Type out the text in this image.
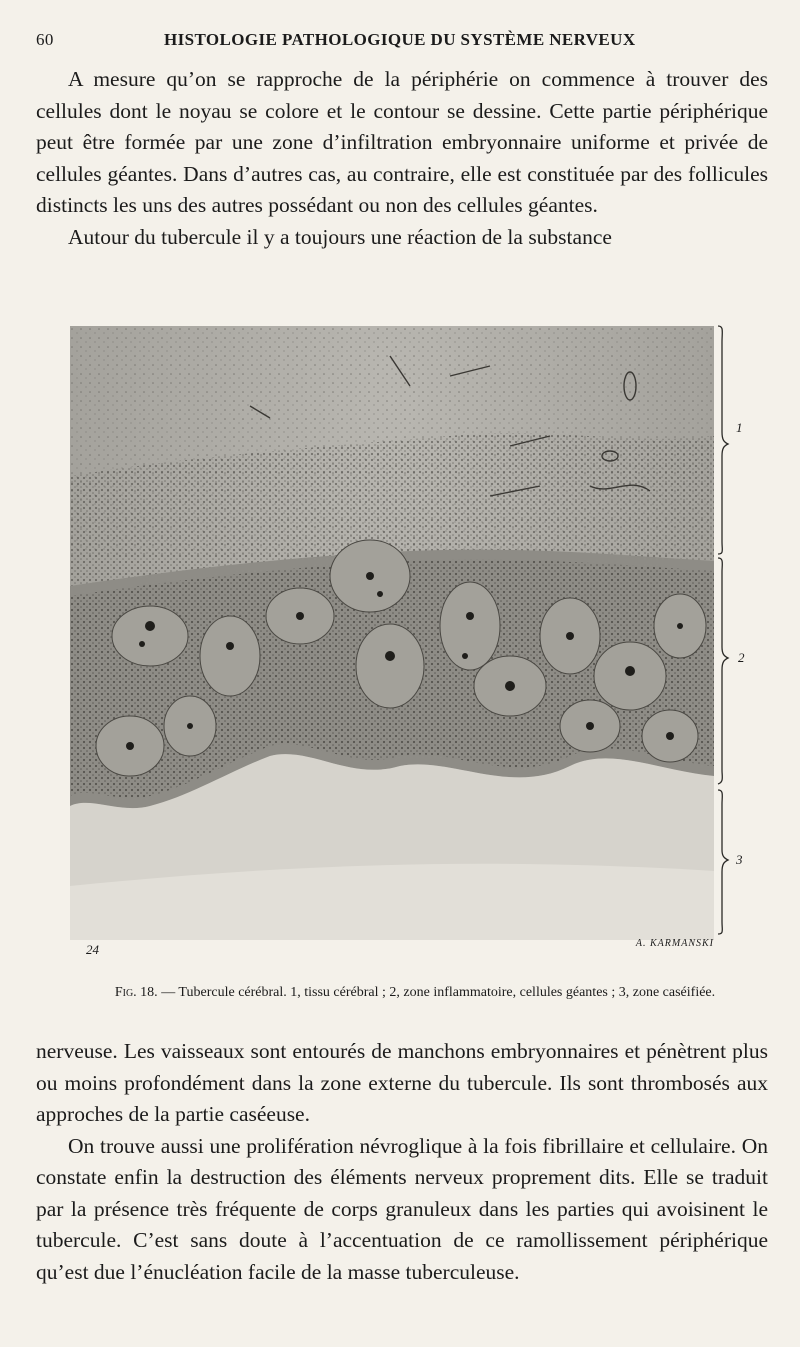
60	HISTOLOGIE PATHOLOGIQUE DU SYSTÈME NERVEUX

A mesure qu’on se rapproche de la périphérie on commence à trouver des cellules dont le noyau se colore et le contour se dessine. Cette partie périphérique peut être formée par une zone d’infiltration embryonnaire uniforme et privée de cellules géantes. Dans d’autres cas, au contraire, elle est constituée par des follicules distincts les uns des autres possédant ou non des cellules géantes.

Autour du tubercule il y a toujours une réaction de la substance

1
2
3
24	A. KARMANSKI
Fig. 18. — Tubercule cérébral. 1, tissu cérébral ; 2, zone inflammatoire, cellules géantes ; 3, zone caséifiée.

nerveuse. Les vaisseaux sont entourés de manchons embryonnaires et pénètrent plus ou moins profondément dans la zone externe du tubercule. Ils sont thrombosés aux approches de la partie caséeuse.

On trouve aussi une prolifération névroglique à la fois fibrillaire et cellulaire. On constate enfin la destruction des éléments nerveux proprement dits. Elle se traduit par la présence très fréquente de corps granuleux dans les parties qui avoisinent le tubercule. C’est sans doute à l’accentuation de ce ramollissement périphérique qu’est due l’énucléation facile de la masse tuberculeuse.
